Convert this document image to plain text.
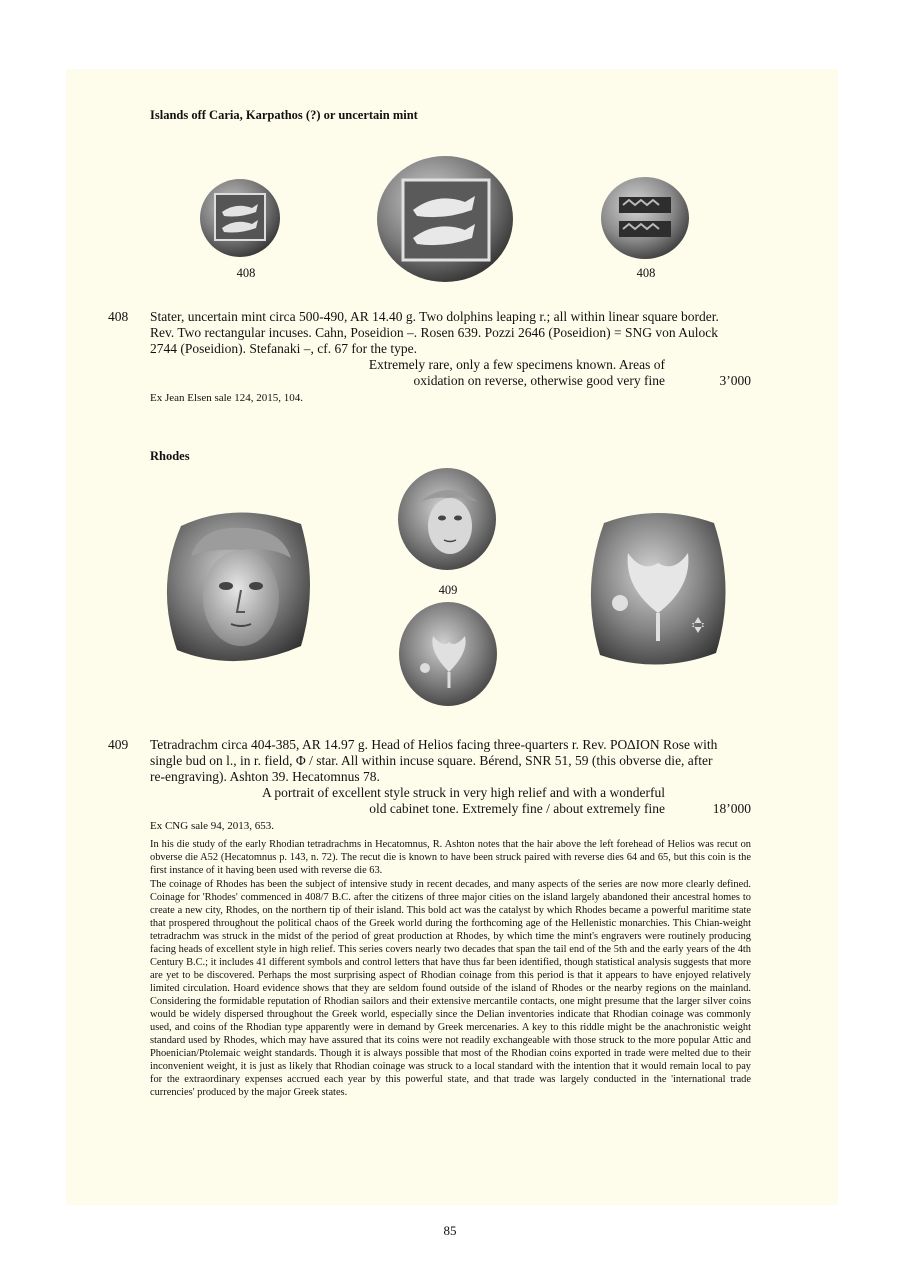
Islands off Caria, Karpathos (?) or uncertain mint
408	408
408 Stater, uncertain mint circa 500-490, AR 14.40 g. Two dolphins leaping r.; all within linear square border.

Rev. Two rectangular incuses. Cahn, Poseidion –. Rosen 639. Pozzi 2646 (Poseidion) = SNG von Aulock

2744 (Poseidion). Stefanaki –, cf. 67 for the type.

Extremely rare, only a few specimens known. Areas of
oxidation on reverse, otherwise good very fine	3’000
Ex Jean Elsen sale 124, 2015, 104.
Rhodes
409
409 Tetradrachm circa 404-385, AR 14.97 g. Head of Helios facing three-quarters r. Rev. ΡΟΔΙΟΝ Rose with

single bud on l., in r. field, Φ / star. All within incuse square. Bérend, SNR 51, 59 (this obverse die, after

re-engraving). Ashton 39. Hecatomnus 78.

A portrait of excellent style struck in very high relief and with a wonderful
old cabinet tone. Extremely fine / about extremely fine	18’000
Ex CNG sale 94, 2013, 653.

In his die study of the early Rhodian tetradrachms in Hecatomnus, R. Ashton notes that the hair above the left forehead of Helios was recut on obverse die A52 (Hecatomnus p. 143, n. 72). The recut die is known to have been struck paired with reverse dies 64 and 65, but this coin is the first instance of it having been used with reverse die 63.

The coinage of Rhodes has been the subject of intensive study in recent decades, and many aspects of the series are now more clearly defined. Coinage for 'Rhodes' commenced in 408/7 B.C. after the citizens of three major cities on the island largely abandoned their ancestral homes to create a new city, Rhodes, on the northern tip of their island. This bold act was the catalyst by which Rhodes became a powerful maritime state that prospered throughout the political chaos of the Greek world during the forthcoming age of the Hellenistic monarchies. This Chian-weight tetradrachm was struck in the midst of the period of great production at Rhodes, by which time the mint's engravers were routinely producing facing heads of excellent style in high relief. This series covers nearly two decades that span the tail end of the 5th and the early years of the 4th Century B.C.; it includes 41 different symbols and control letters that have thus far been identified, though statistical analysis suggests that more are yet to be discovered. Perhaps the most surprising aspect of Rhodian coinage from this period is that it appears to have enjoyed relatively limited circulation. Hoard evidence shows that they are seldom found outside of the island of Rhodes or the nearby regions on the mainland. Considering the formidable reputation of Rhodian sailors and their extensive mercantile contacts, one might presume that the larger silver coins would be widely dispersed throughout the Greek world, especially since the Delian inventories indicate that Rhodian coinage was commonly used, and coins of the Rhodian type apparently were in demand by Greek mercenaries. A key to this riddle might be the anachronistic weight standard used by Rhodes, which may have assured that its coins were not readily exchangeable with those struck to the more popular Attic and Phoenician/Ptolemaic weight standards. Though it is always possible that most of the Rhodian coins exported in trade were melted due to their inconvenient weight, it is just as likely that Rhodian coinage was struck to a local standard with the intention that it would remain local to pay for the extraordinary expenses accrued each year by this powerful state, and that trade was largely conducted in the 'international trade currencies' produced by the major Greek states.

85
